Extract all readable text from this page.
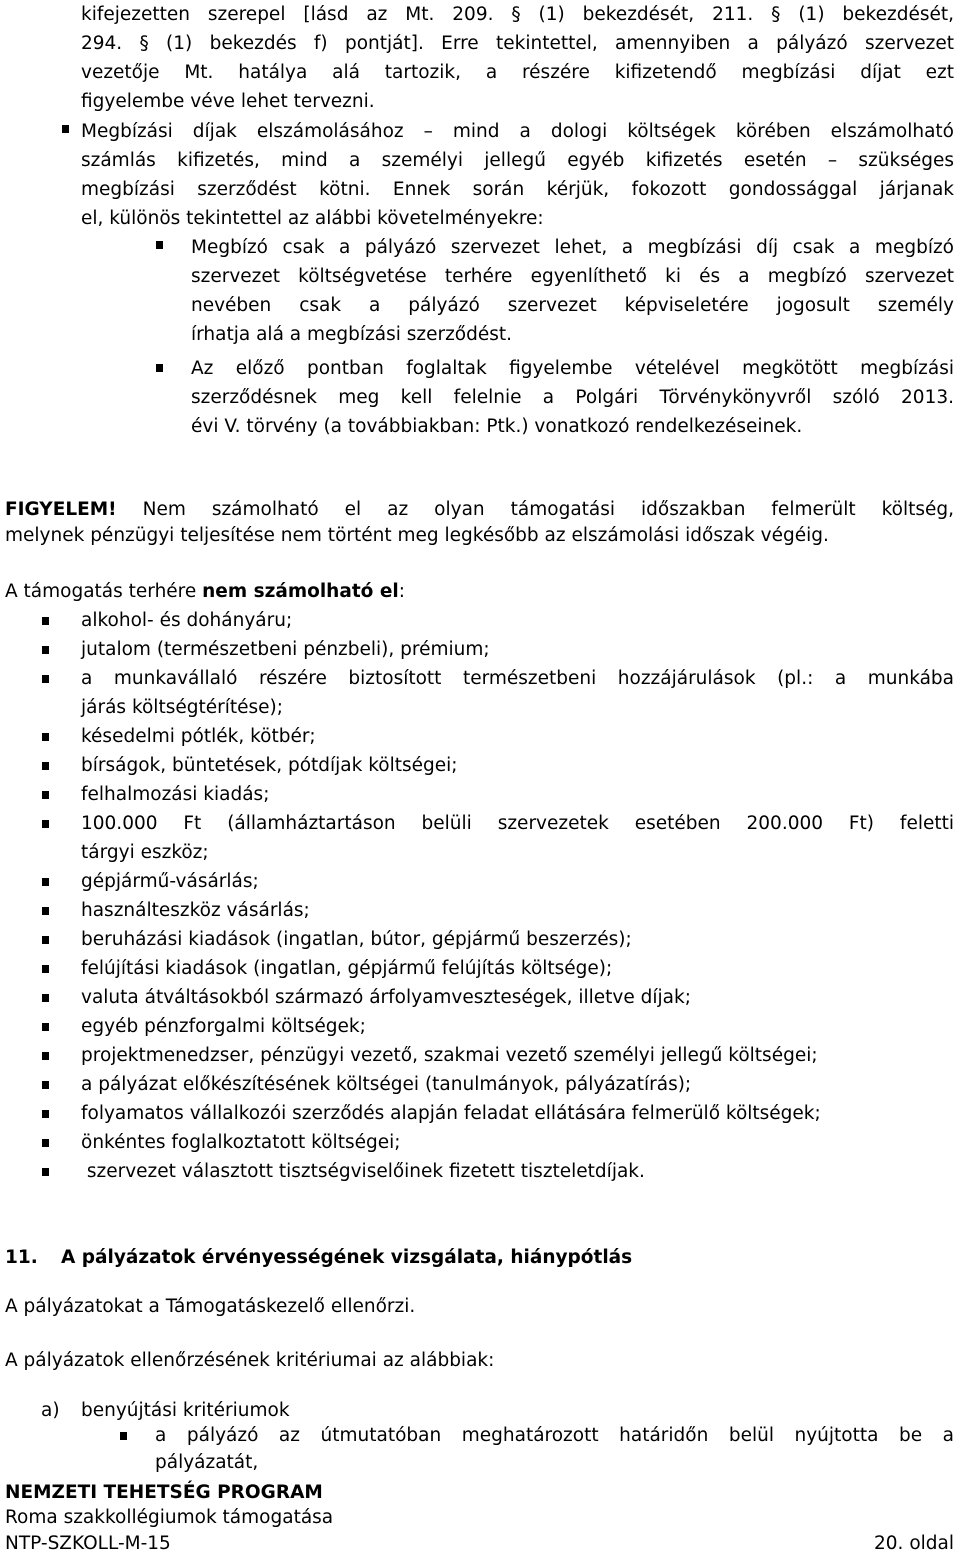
kifejezetten szerepel [lásd az Mt. 209. § (1) bekezdését, 211. § (1) bekezdését,
294. § (1) bekezdés f) pontját]. Erre tekintettel, amennyiben a pályázó szervezet
vezetője Mt. hatálya alá tartozik, a részére kifizetendő megbízási díjat ezt
figyelembe véve lehet tervezni.
Megbízási díjak elszámolásához – mind a dologi költségek körében elszámolható
számlás kifizetés, mind a személyi jellegű egyéb kifizetés esetén – szükséges
megbízási szerződést kötni. Ennek során kérjük, fokozott gondossággal járjanak
el, különös tekintettel az alábbi követelményekre:
Megbízó csak a pályázó szervezet lehet, a megbízási díj csak a megbízó
szervezet költségvetése terhére egyenlíthető ki és a megbízó szervezet
nevében csak a pályázó szervezet képviseletére jogosult személy
írhatja alá a megbízási szerződést.
Az előző pontban foglaltak figyelembe vételével megkötött megbízási
szerződésnek meg kell felelnie a Polgári Törvénykönyvről szóló 2013.
évi V. törvény (a továbbiakban: Ptk.) vonatkozó rendelkezéseinek.
FIGYELEM! Nem számolható el az olyan támogatási időszakban felmerült költség,
melynek pénzügyi teljesítése nem történt meg legkésőbb az elszámolási időszak végéig.
A támogatás terhére nem számolható el:
alkohol- és dohányáru;
jutalom (természetbeni pénzbeli), prémium;
a munkavállaló részére biztosított természetbeni hozzájárulások (pl.: a munkába
járás költségtérítése);
késedelmi pótlék, kötbér;
bírságok, büntetések, pótdíjak költségei;
felhalmozási kiadás;
100.000 Ft (államháztartáson belüli szervezetek esetében 200.000 Ft) feletti
tárgyi eszköz;
gépjármű-vásárlás;
használteszköz vásárlás;
beruházási kiadások (ingatlan, bútor, gépjármű beszerzés);
felújítási kiadások (ingatlan, gépjármű felújítás költsége);
valuta átváltásokból származó árfolyamveszteségek, illetve díjak;
egyéb pénzforgalmi költségek;
projektmenedzser, pénzügyi vezető, szakmai vezető személyi jellegű költségei;
a pályázat előkészítésének költségei (tanulmányok, pályázatírás);
folyamatos vállalkozói szerződés alapján feladat ellátására felmerülő költségek;
önkéntes foglalkoztatott költségei;
szervezet választott tisztségviselőinek fizetett tiszteletdíjak.
11. A pályázatok érvényességének vizsgálata, hiánypótlás
A pályázatokat a Támogatáskezelő ellenőrzi.
A pályázatok ellenőrzésének kritériumai az alábbiak:
a) benyújtási kritériumok
a pályázó az útmutatóban meghatározott határidőn belül nyújtotta be a
pályázatát,
NEMZETI TEHETSÉG PROGRAM
Roma szakkollégiumok támogatása
NTP-SZKOLL-M-15	20. oldal
